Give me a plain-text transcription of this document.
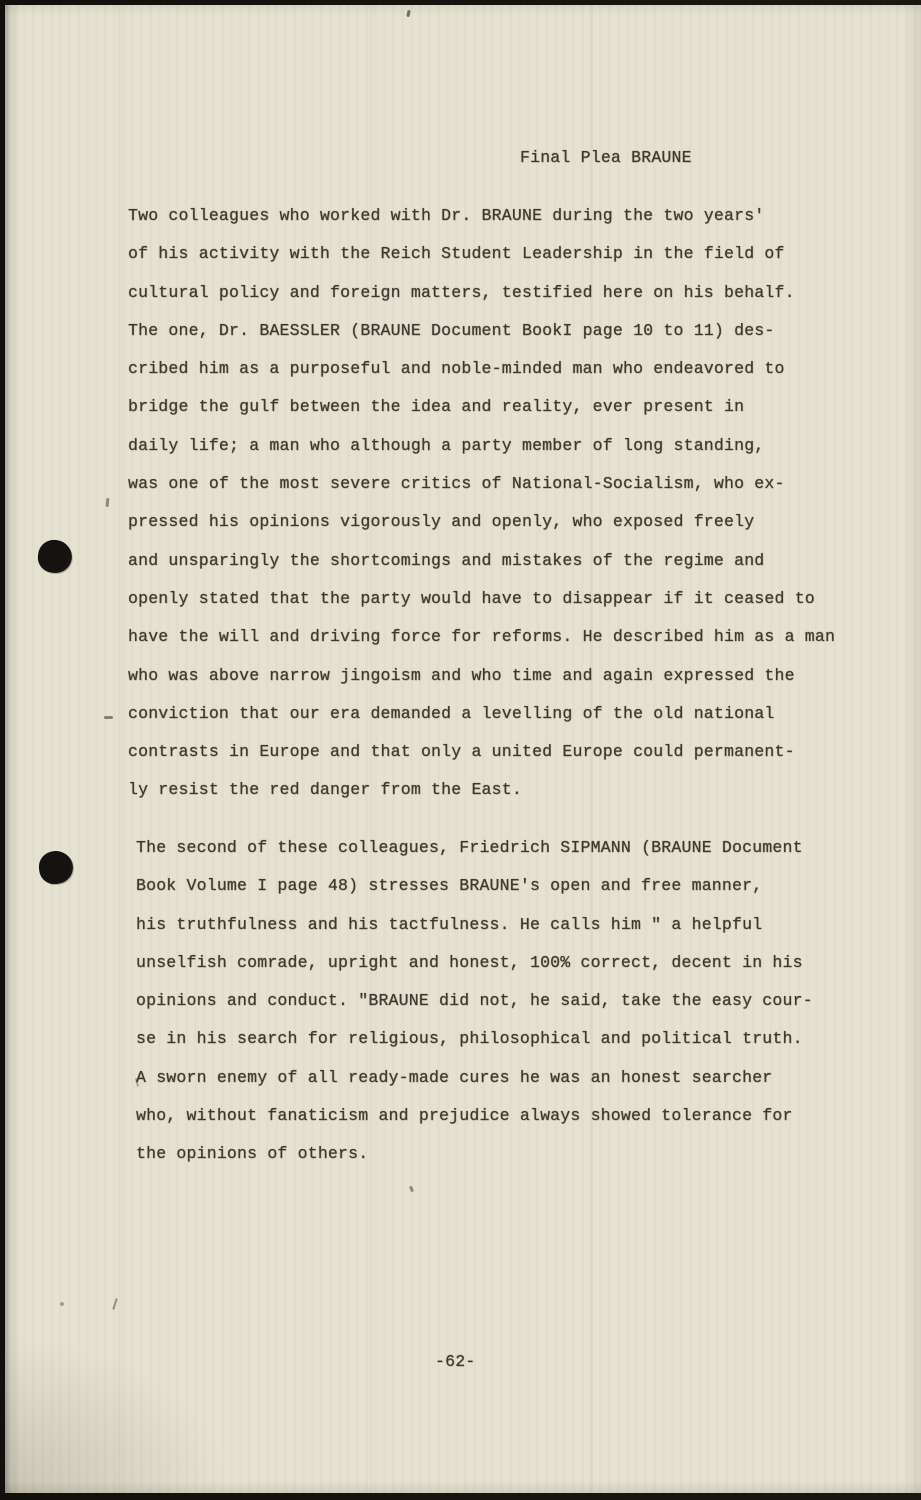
Final Plea BRAUNE
Two colleagues who worked with Dr. BRAUNE during the two years'
of his activity with the Reich Student Leadership in the field of
cultural policy and foreign matters, testified here on his behalf.
The one, Dr. BAESSLER (BRAUNE Document BookI page 10 to 11) des-
cribed him as a purposeful and noble-minded man who endeavored to
bridge the gulf between the idea and reality, ever present in
daily life; a man who although a party member of long standing,
was one of the most severe critics of National-Socialism, who ex-
pressed his opinions vigorously and openly, who exposed freely
and unsparingly the shortcomings and mistakes of the regime and
openly stated that the party would have to disappear if it ceased to
have the will and driving force for reforms. He described him as a man
who was above narrow jingoism and who time and again expressed the
conviction that our era demanded a levelling of the old national
contrasts in Europe and that only a united Europe could permanent-
ly resist the red danger from the East.
The second of these colleagues, Friedrich SIPMANN (BRAUNE Document
Book Volume I page 48) stresses BRAUNE's open and free manner,
his truthfulness and his tactfulness. He calls him " a helpful
unselfish comrade, upright and honest, 100% correct, decent in his
opinions and conduct. "BRAUNE did not, he said, take the easy cour-
se in his search for religious, philosophical and political truth.
A sworn enemy of all ready-made cures he was an honest searcher
who, without fanaticism and prejudice always showed tolerance for
the opinions of others.
-62-
